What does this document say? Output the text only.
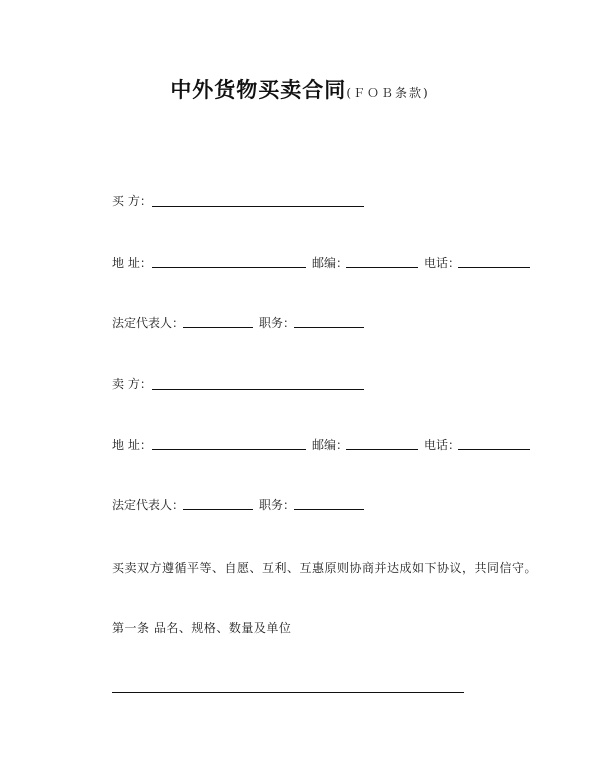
中外货物买卖合同(ＦＯＢ条款)
买 方：
地 址：	邮编：	电话：
法定代表人：	职务：
卖 方：
地 址：	邮编：	电话：
法定代表人：	职务：
买卖双方遵循平等、自愿、互利、互惠原则协商并达成如下协议，共同信守。
第一条 品名、规格、数量及单位
